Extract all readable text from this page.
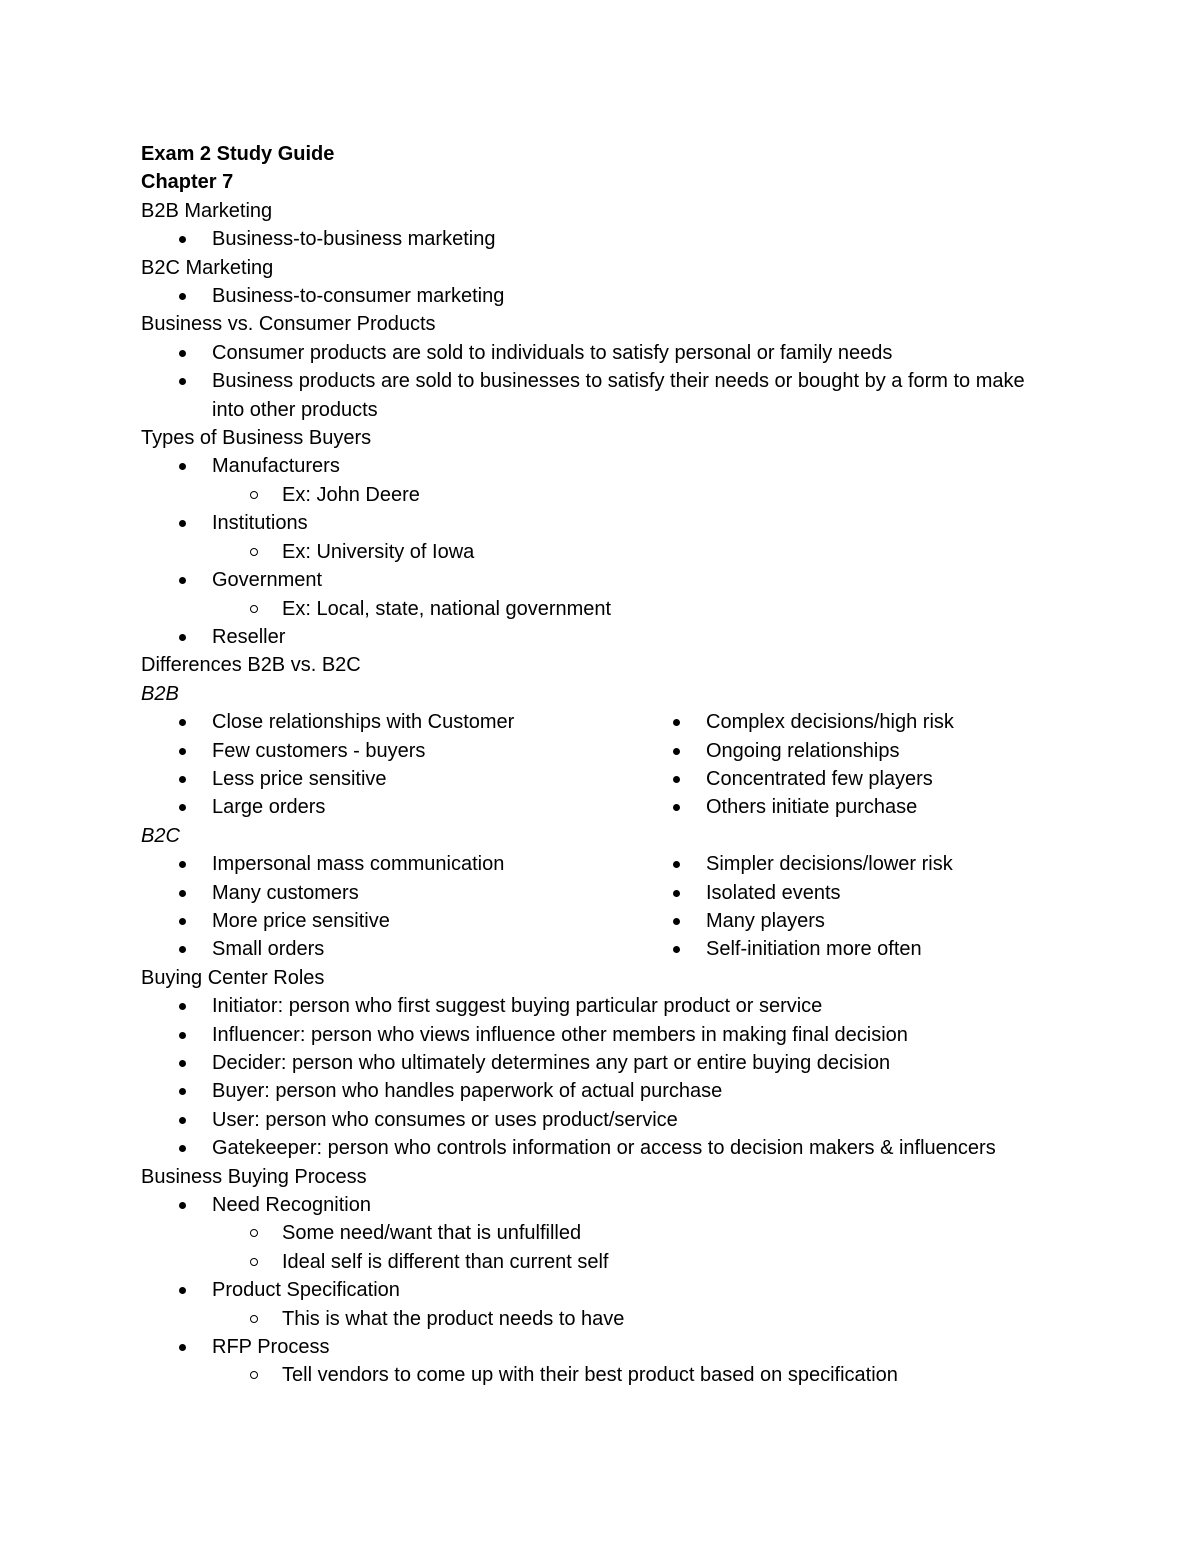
Exam 2 Study Guide
Chapter 7
B2B Marketing
Business-to-business marketing
B2C Marketing
Business-to-consumer marketing
Business vs. Consumer Products
Consumer products are sold to individuals to satisfy personal or family needs
Business products are sold to businesses to satisfy their needs or bought by a form to make into other products
Types of Business Buyers
Manufacturers
Ex: John Deere
Institutions
Ex: University of Iowa
Government
Ex: Local, state, national government
Reseller
Differences B2B vs. B2C
B2B
Close relationships with Customer
Few customers - buyers
Less price sensitive
Large orders
Complex decisions/high risk
Ongoing relationships
Concentrated few players
Others initiate purchase
B2C
Impersonal mass communication
Many customers
More price sensitive
Small orders
Simpler decisions/lower risk
Isolated events
Many players
Self-initiation more often
Buying Center Roles
Initiator: person who first suggest buying particular product or service
Influencer: person who views influence other members in making final decision
Decider: person who ultimately determines any part or entire buying decision
Buyer: person who handles paperwork of actual purchase
User: person who consumes or uses product/service
Gatekeeper: person who controls information or access to decision makers & influencers
Business Buying Process
Need Recognition
Some need/want that is unfulfilled
Ideal self is different than current self
Product Specification
This is what the product needs to have
RFP Process
Tell vendors to come up with their best product based on specification
